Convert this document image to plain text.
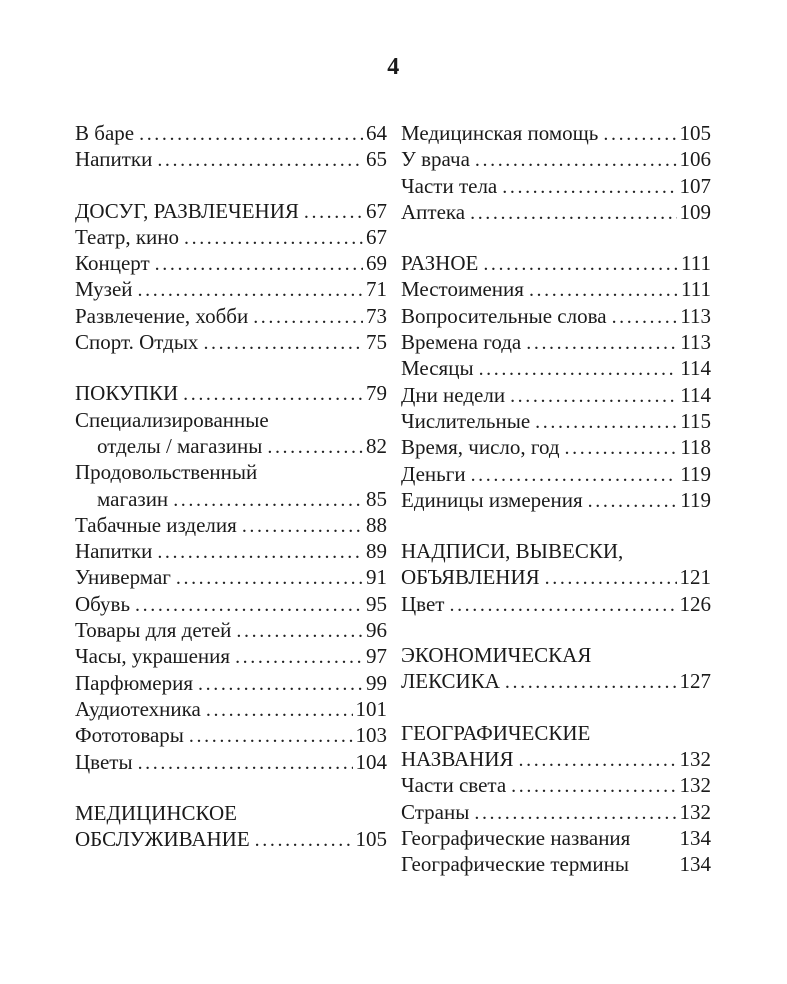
4
В баре .....	64
Напитки .....	65
ДОСУГ, РАЗВЛЕЧЕНИЯ .....	67
Театр, кино .....	67
Концерт .....	69
Музей .....	71
Развлечение, хобби .....	73
Спорт. Отдых .....	75
ПОКУПКИ .....	79
Специализированные
отделы / магазины .....	82
Продовольственный
магазин .....	85
Табачные изделия .....	88
Напитки .....	89
Универмаг .....	91
Обувь .....	95
Товары для детей .....	96
Часы, украшения .....	97
Парфюмерия .....	99
Аудиотехника .....	101
Фототовары .....	103
Цветы .....	104
МЕДИЦИНСКОЕ
ОБСЛУЖИВАНИЕ .....	105
Медицинская помощь .....	105
У врача .....	106
Части тела .....	107
Аптека .....	109
РАЗНОЕ .....	111
Местоимения .....	111
Вопросительные слова .....	113
Времена года .....	113
Месяцы .....	114
Дни недели .....	114
Числительные .....	115
Время, число, год .....	118
Деньги .....	119
Единицы измерения .....	119
НАДПИСИ, ВЫВЕСКИ,
ОБЪЯВЛЕНИЯ .....	121
Цвет .....	126
ЭКОНОМИЧЕСКАЯ
ЛЕКСИКА .....	127
ГЕОГРАФИЧЕСКИЕ
НАЗВАНИЯ .....	132
Части света .....	132
Страны .....	132
Географические названия 134
Географические термины 134
